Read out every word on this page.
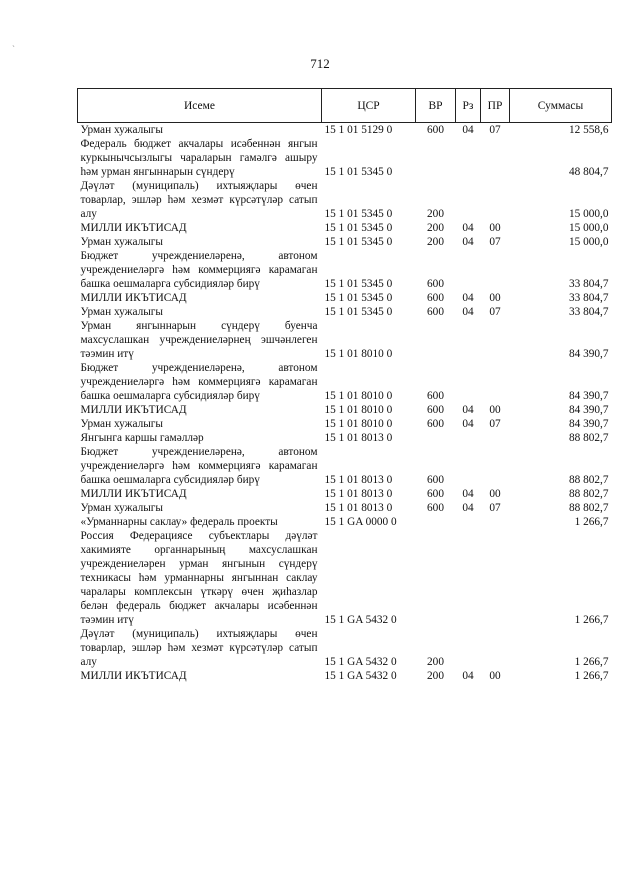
`
712
Исеме	ЦСР	ВР	Рз	ПР	Суммасы
Урман хужалыгы	15 1 01 5129 0	600	04	07	12 558,6
Федераль бюджет акчалары исәбеннән янгын куркынычсызлыгы чараларын гамәлгә ашыру һәм урман янгыннарын сүндерү	15 1 01 5345 0				48 804,7
Дәүләт (муниципаль) ихтыяҗлары өчен товарлар, эшләр һәм хезмәт күрсәтүләр сатып алу	15 1 01 5345 0	200			15 000,0
МИЛЛИ ИКЪТИСАД	15 1 01 5345 0	200	04	00	15 000,0
Урман хужалыгы	15 1 01 5345 0	200	04	07	15 000,0
Бюджет учреждениеләренә, автоном учреждениеләргә һәм коммерциягә карамаган башка оешмаларга субсидияләр бирү	15 1 01 5345 0	600			33 804,7
МИЛЛИ ИКЪТИСАД	15 1 01 5345 0	600	04	00	33 804,7
Урман хужалыгы	15 1 01 5345 0	600	04	07	33 804,7
Урман янгыннарын сүндерү буенча махсуслашкан учреждениеләрнең эшчәнлеген тәэмин итү	15 1 01 8010 0				84 390,7
Бюджет учреждениеләренә, автоном учреждениеләргә һәм коммерциягә карамаган башка оешмаларга субсидияләр бирү	15 1 01 8010 0	600			84 390,7
МИЛЛИ ИКЪТИСАД	15 1 01 8010 0	600	04	00	84 390,7
Урман хужалыгы	15 1 01 8010 0	600	04	07	84 390,7
Янгынга каршы гамәлләр	15 1 01 8013 0				88 802,7
Бюджет учреждениеләренә, автоном учреждениеләргә һәм коммерциягә карамаган башка оешмаларга субсидияләр бирү	15 1 01 8013 0	600			88 802,7
МИЛЛИ ИКЪТИСАД	15 1 01 8013 0	600	04	00	88 802,7
Урман хужалыгы	15 1 01 8013 0	600	04	07	88 802,7
«Урманнарны саклау» федераль проекты	15 1 GA 0000 0				1 266,7
Россия Федерациясе субъектлары дәүләт хакимияте органнарының махсуслашкан учреждениеләрен урман янгынын сүндерү техникасы һәм урманнарны янгыннан саклау чаралары комплексын үткәрү өчен җиһазлар белән федераль бюджет акчалары исәбеннән тәэмин итү	15 1 GA 5432 0				1 266,7
Дәүләт (муниципаль) ихтыяҗлары өчен товарлар, эшләр һәм хезмәт күрсәтүләр сатып алу	15 1 GA 5432 0	200			1 266,7
МИЛЛИ ИКЪТИСАД	15 1 GA 5432 0	200	04	00	1 266,7
